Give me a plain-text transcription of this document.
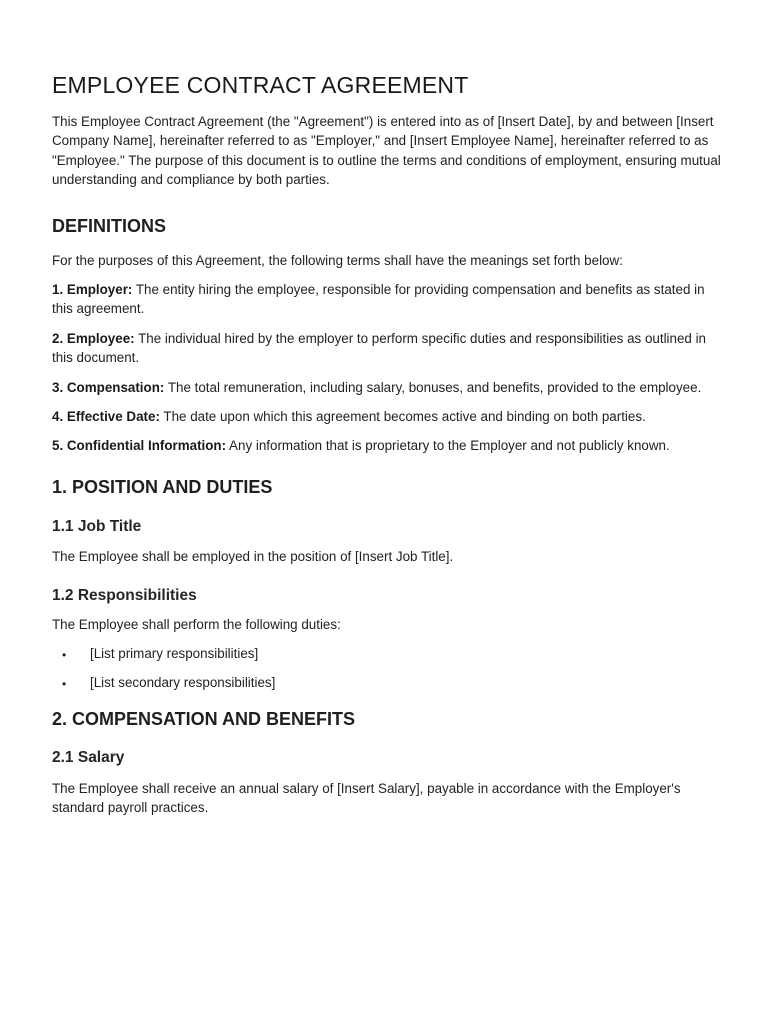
EMPLOYEE CONTRACT AGREEMENT

This Employee Contract Agreement (the "Agreement") is entered into as of [Insert Date], by and between [Insert Company Name], hereinafter referred to as "Employer," and [Insert Employee Name], hereinafter referred to as "Employee." The purpose of this document is to outline the terms and conditions of employment, ensuring mutual understanding and compliance by both parties.

DEFINITIONS

For the purposes of this Agreement, the following terms shall have the meanings set forth below:

1. Employer: The entity hiring the employee, responsible for providing compensation and benefits as stated in this agreement.

2. Employee: The individual hired by the employer to perform specific duties and responsibilities as outlined in this document.

3. Compensation: The total remuneration, including salary, bonuses, and benefits, provided to the employee.

4. Effective Date: The date upon which this agreement becomes active and binding on both parties.

5. Confidential Information: Any information that is proprietary to the Employer and not publicly known.

1. POSITION AND DUTIES
1.1 Job Title

The Employee shall be employed in the position of [Insert Job Title].

1.2 Responsibilities

The Employee shall perform the following duties:

• [List primary responsibilities]
• [List secondary responsibilities]
2. COMPENSATION AND BENEFITS
2.1 Salary

The Employee shall receive an annual salary of [Insert Salary], payable in accordance with the Employer's standard payroll practices.
